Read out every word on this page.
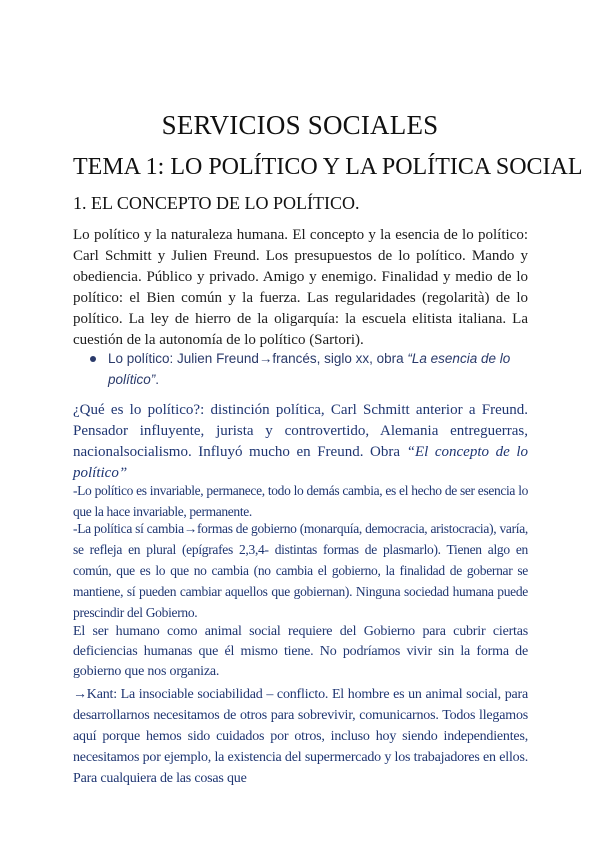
SERVICIOS SOCIALES
TEMA 1: LO POLÍTICO Y LA POLÍTICA SOCIAL
1. EL CONCEPTO DE LO POLÍTICO.

Lo político y la naturaleza humana. El concepto y la esencia de lo político: Carl Schmitt y Julien Freund. Los presupuestos de lo político. Mando y obediencia. Público y privado. Amigo y enemigo. Finalidad y medio de lo político: el Bien común y la fuerza. Las regularidades (regolarità) de lo político. La ley de hierro de la oligarquía: la escuela elitista italiana. La cuestión de la autonomía de lo político (Sartori).

Lo político: Julien Freund→francés, siglo xx, obra “La esencia de lo político”.

¿Qué es lo político?: distinción política, Carl Schmitt anterior a Freund. Pensador influyente, jurista y controvertido, Alemania entreguerras, nacionalsocialismo. Influyó mucho en Freund. Obra “El concepto de lo político”

-Lo político es invariable, permanece, todo lo demás cambia, es el hecho de ser esencia lo que la hace invariable, permanente.

-La política sí cambia→formas de gobierno (monarquía, democracia, aristocracia), varía, se refleja en plural (epígrafes 2,3,4- distintas formas de plasmarlo). Tienen algo en común, que es lo que no cambia (no cambia el gobierno, la finalidad de gobernar se mantiene, sí pueden cambiar aquellos que gobiernan). Ninguna sociedad humana puede prescindir del Gobierno.

El ser humano como animal social requiere del Gobierno para cubrir ciertas deficiencias humanas que él mismo tiene. No podríamos vivir sin la forma de gobierno que nos organiza.

→Kant: La insociable sociabilidad – conflicto. El hombre es un animal social, para desarrollarnos necesitamos de otros para sobrevivir, comunicarnos. Todos llegamos aquí porque hemos sido cuidados por otros, incluso hoy siendo independientes, necesitamos por ejemplo, la existencia del supermercado y los trabajadores en ellos. Para cualquiera de las cosas que
